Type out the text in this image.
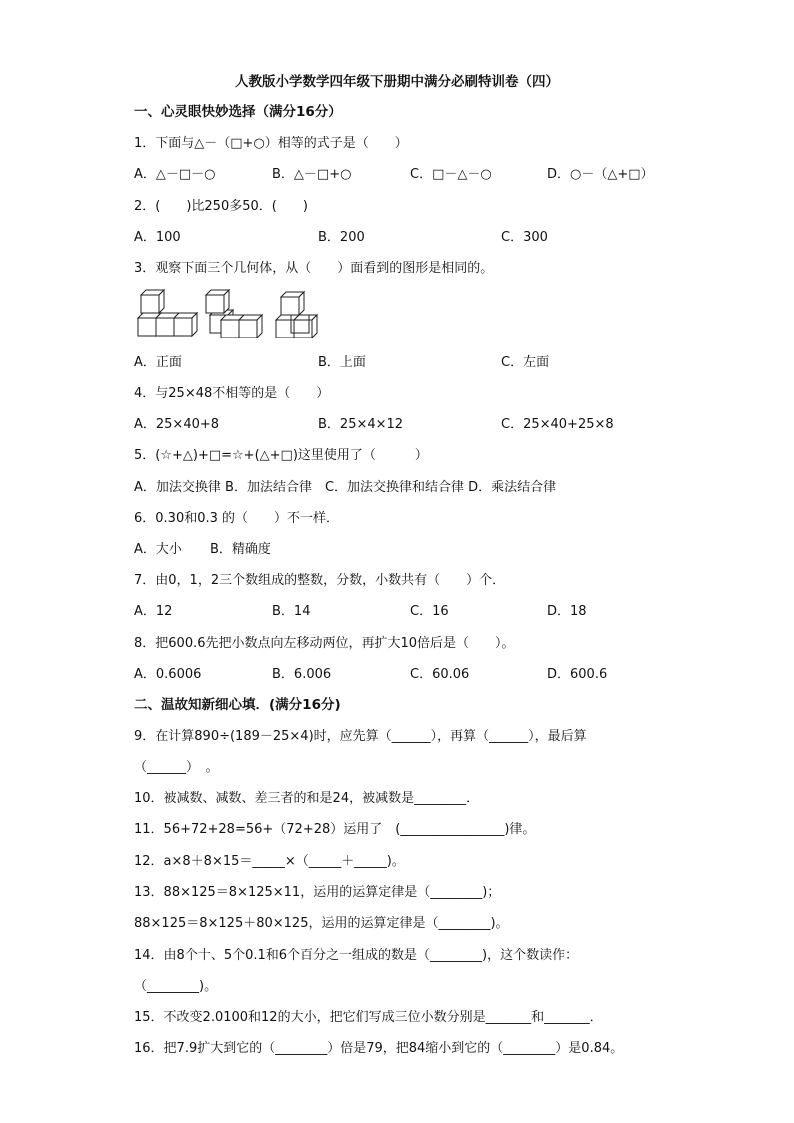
人教版小学数学四年级下册期中满分必刷特训卷（四）
一、心灵眼快妙选择（满分16分）
1．下面与△－（□+○）相等的式子是（　　）
A．△－□－○	B．△－□+○	C．□－△－○	D．○－（△+□）
2．(　　)比250多50．(　　)
A．100	B．200	C．300
3．观察下面三个几何体，从（　　）面看到的图形是相同的。
A．正面	B．上面	C．左面
4．与25×48不相等的是（　　）
A．25×40+8	B．25×4×12	C．25×40+25×8
5．(☆+△)+□=☆+(△+□)这里使用了（　　　）
A．加法交换律 B．加法结合律　C．加法交换律和结合律 D．乘法结合律
6．0.30和0.3 的（　　）不一样．
A．大小 B．精确度
7．由0，1，2三个数组成的整数，分数，小数共有（　　）个．
A．12	B．14	C．16	D．18
8．把600.6先把小数点向左移动两位，再扩大10倍后是（　　）。
A．0.6006	B．6.006	C．60.06	D．600.6
二、温故知新细心填．(满分16分)
9．在计算890÷(189－25×4)时，应先算（______），再算（______），最后算
（______）　。
10．被减数、减数、差三者的和是24，被减数是________．
11．56+72+28=56+（72+28）运用了　(________________)律。
12．a×8＋8×15＝_____×（_____＋_____)。
13．88×125＝8×125×11，运用的运算定律是（________)；
88×125＝8×125＋80×125，运用的运算定律是（________)。
14．由8个十、5个0.1和6个百分之一组成的数是（________)，这个数读作：
（________)。
15．不改变2.0100和12的大小，把它们写成三位小数分别是_______和_______．
16．把7.9扩大到它的（________）倍是79，把84缩小到它的（________）是0.84。
